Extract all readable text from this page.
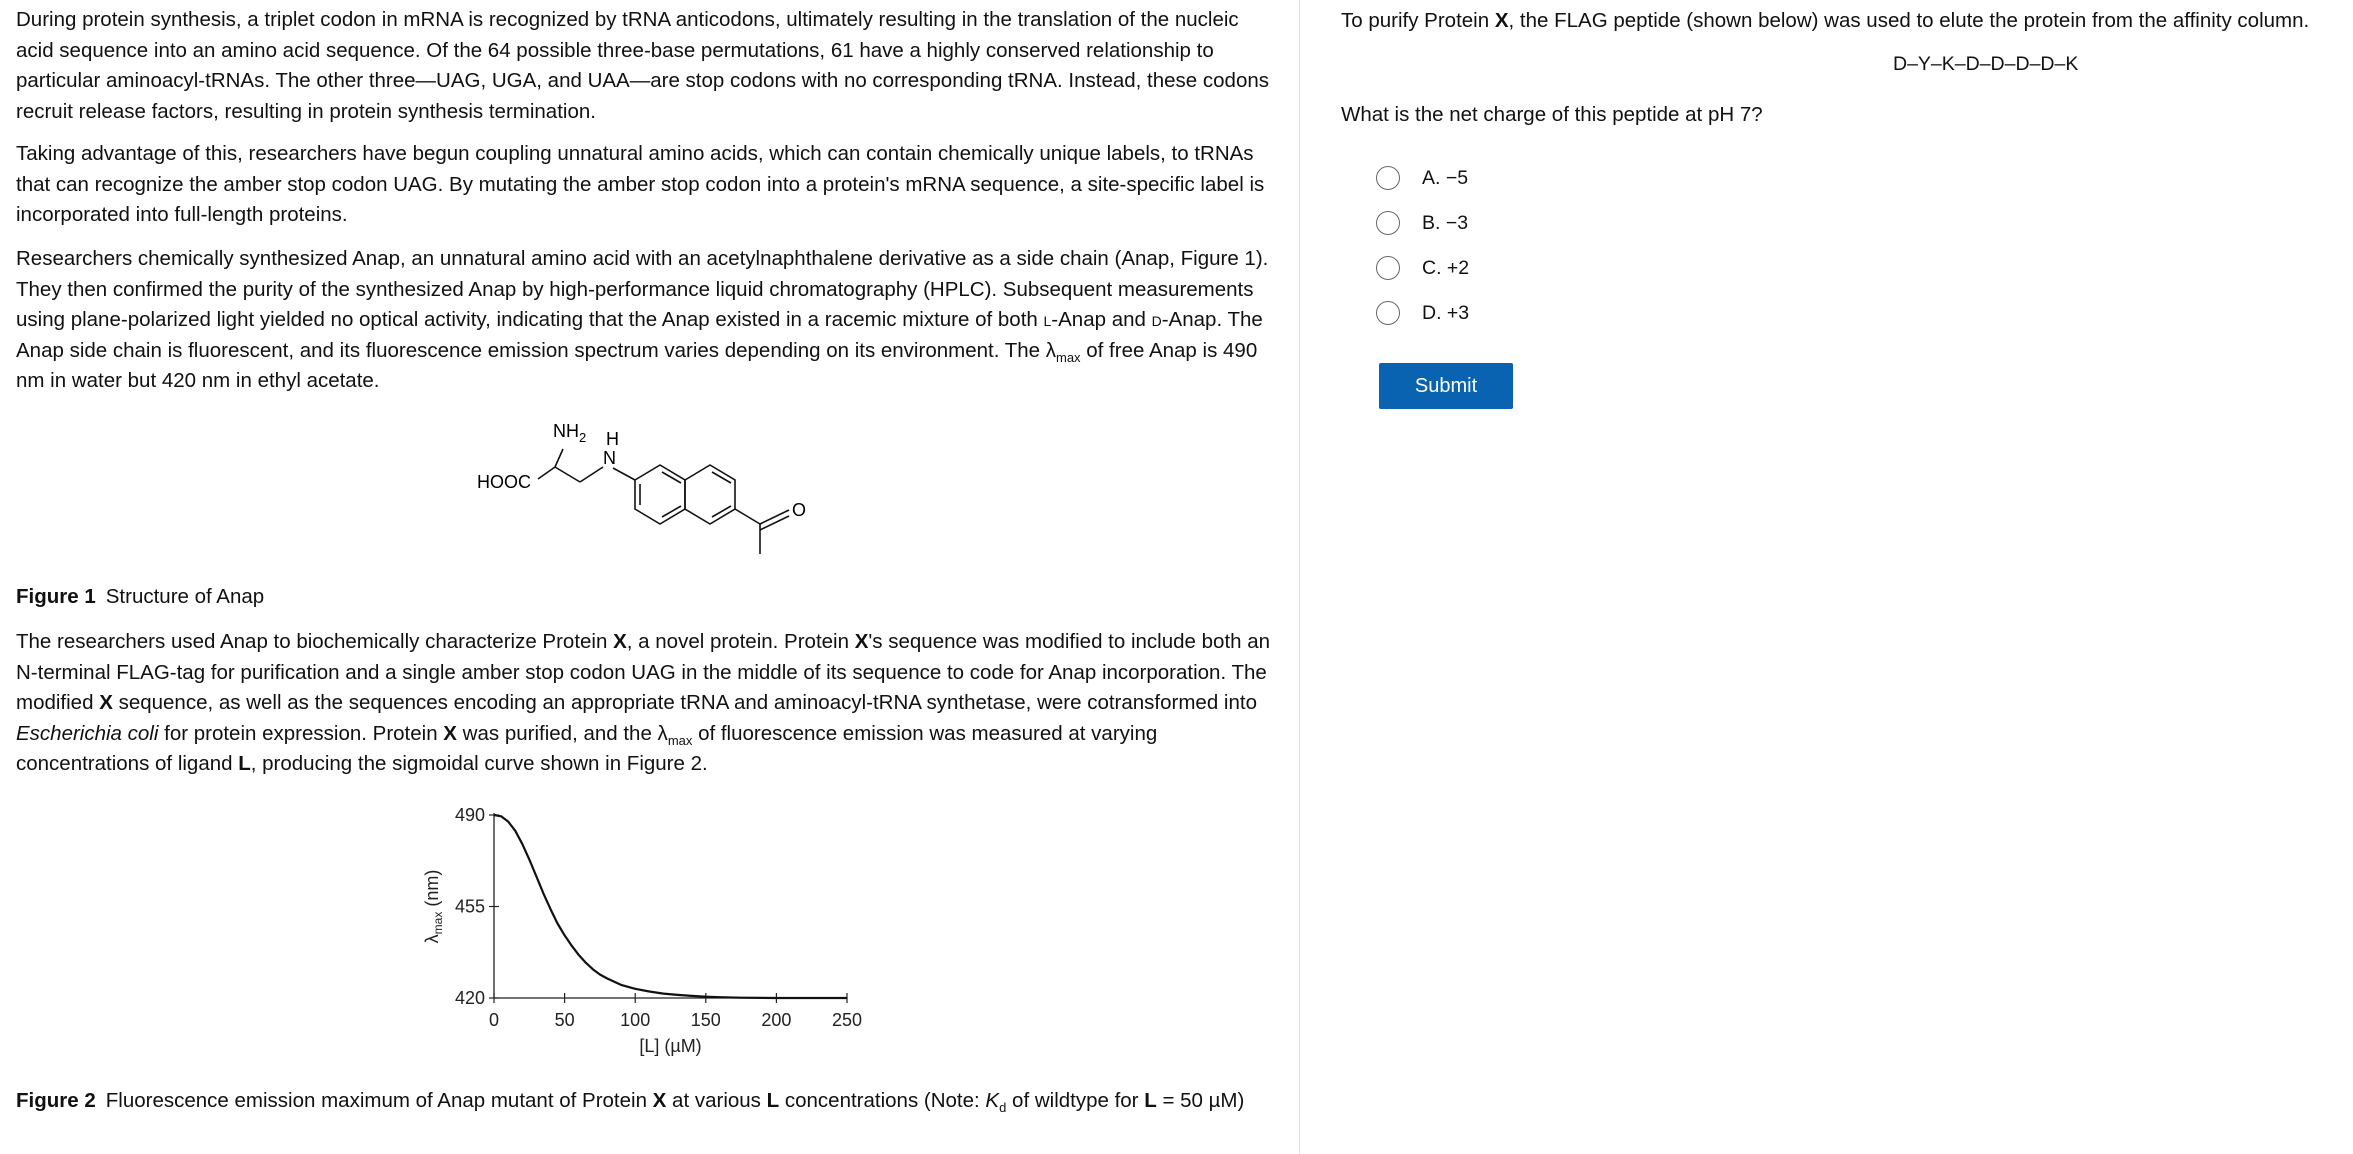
During protein synthesis, a triplet codon in mRNA is recognized by tRNA anticodons, ultimately resulting in the translation of the nucleic acid sequence into an amino acid sequence. Of the 64 possible three-base permutations, 61 have a highly conserved relationship to particular aminoacyl-tRNAs. The other three—UAG, UGA, and UAA—are stop codons with no corresponding tRNA. Instead, these codons recruit release factors, resulting in protein synthesis termination.

Taking advantage of this, researchers have begun coupling unnatural amino acids, which can contain chemically unique labels, to tRNAs that can recognize the amber stop codon UAG. By mutating the amber stop codon into a protein's mRNA sequence, a site-specific label is incorporated into full-length proteins.

Researchers chemically synthesized Anap, an unnatural amino acid with an acetylnaphthalene derivative as a side chain (Anap, Figure 1). They then confirmed the purity of the synthesized Anap by high-performance liquid chromatography (HPLC). Subsequent measurements using plane-polarized light yielded no optical activity, indicating that the Anap existed in a racemic mixture of both l-Anap and d-Anap. The Anap side chain is fluorescent, and its fluorescence emission spectrum varies depending on its environment. The $\lambda_{max}$ of free Anap is 490 nm in water but 420 nm in ethyl acetate.

$NH_2$
HOOC
H
N
O
Figure 1 Structure of Anap

The researchers used Anap to biochemically characterize Protein X, a novel protein. Protein X's sequence was modified to include both an N-terminal FLAG-tag for purification and a single amber stop codon UAG in the middle of its sequence to code for Anap incorporation. The modified X sequence, as well as the sequences encoding an appropriate tRNA and aminoacyl-tRNA synthetase, were cotransformed into Escherichia coli for protein expression. Protein X was purified, and the $\lambda_{max}$ of fluorescence emission was measured at varying concentrations of ligand L, producing the sigmoidal curve shown in Figure 2.

0	50	100 150 200 250
420
455
490
[L] (µM)
$\lambda_{max}$ (nm)
Figure 2 Fluorescence emission maximum of Anap mutant of Protein X at various L concentrations (Note: $K_d$ of wildtype for L = 50 µM)
To purify Protein X, the FLAG peptide (shown below) was used to elute the protein from the affinity column.
D–Y–K–D–D–D–D–K
What is the net charge of this peptide at pH 7?
A. −5
B. −3
C. +2
D. +3
Submit
